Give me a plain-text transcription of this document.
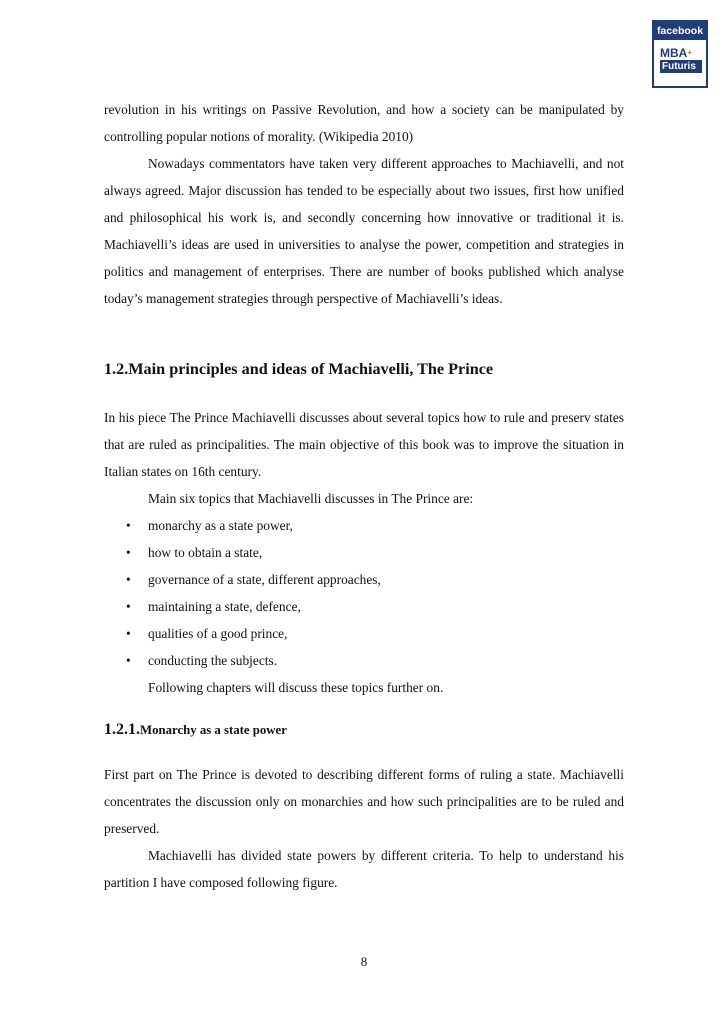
facebook
MBA+
Futuris

revolution in his writings on Passive Revolution, and how a society can be manipulated by controlling popular notions of morality. (Wikipedia 2010)

Nowadays commentators have taken very different approaches to Machiavelli, and not always agreed. Major discussion has tended to be especially about two issues, first how unified and philosophical his work is, and secondly concerning how innovative or traditional it is. Machiavelli’s ideas are used in universities to analyse the power, competition and strategies in politics and management of enterprises. There are number of books published which analyse today’s management strategies through perspective of Machiavelli’s ideas.

1.2.Main principles and ideas of Machiavelli, The Prince

In his piece The Prince Machiavelli discusses about several topics how to rule and preserv states that are ruled as principalities. The main objective of this book was to improve the situation in Italian states on 16th century.

Main six topics that Machiavelli discusses in The Prince are:

• monarchy as a state power,
• how to obtain a state,
• governance of a state, different approaches,
• maintaining a state, defence,
• qualities of a good prince,
• conducting the subjects.

Following chapters will discuss these topics further on.

1.2.1.Monarchy as a state power

First part on The Prince is devoted to describing different forms of ruling a state. Machiavelli concentrates the discussion only on monarchies and how such principalities are to be ruled and preserved.

Machiavelli has divided state powers by different criteria. To help to understand his partition I have composed following figure.

8
